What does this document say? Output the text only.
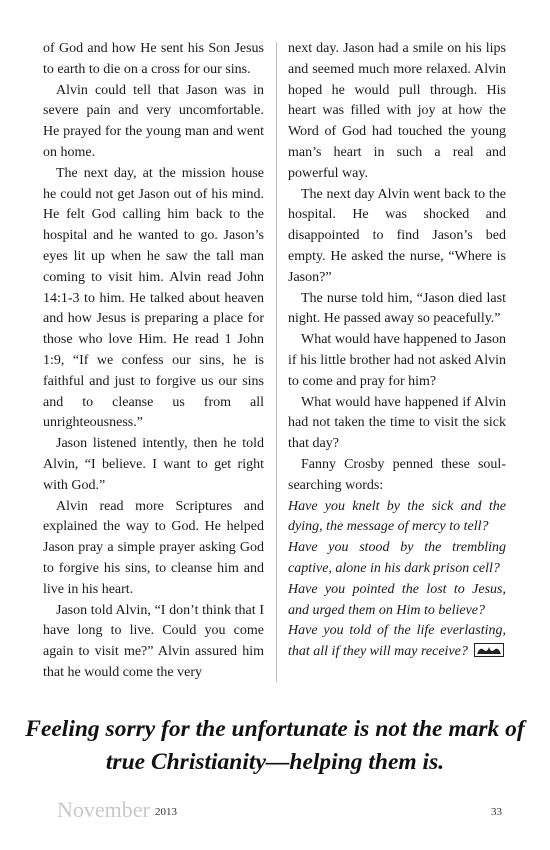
of God and how He sent his Son Jesus to earth to die on a cross for our sins.

Alvin could tell that Jason was in severe pain and very uncomfortable. He prayed for the young man and went on home.

The next day, at the mission house he could not get Jason out of his mind. He felt God calling him back to the hospital and he wanted to go. Jason’s eyes lit up when he saw the tall man coming to visit him. Alvin read John 14:1-3 to him. He talked about heaven and how Jesus is preparing a place for those who love Him. He read 1 John 1:9, “If we confess our sins, he is faithful and just to forgive us our sins and to cleanse us from all unrighteousness.”

Jason listened intently, then he told Alvin, “I believe. I want to get right with God.”

Alvin read more Scriptures and explained the way to God. He helped Jason pray a simple prayer asking God to forgive his sins, to cleanse him and live in his heart.

Jason told Alvin, “I don’t think that I have long to live. Could you come again to visit me?” Alvin assured him that he would come the very

next day. Jason had a smile on his lips and seemed much more relaxed. Alvin hoped he would pull through. His heart was filled with joy at how the Word of God had touched the young man’s heart in such a real and powerful way.

The next day Alvin went back to the hospital. He was shocked and disappointed to find Jason’s bed empty. He asked the nurse, “Where is Jason?”

The nurse told him, “Jason died last night. He passed away so peacefully.”

What would have happened to Jason if his little brother had not asked Alvin to come and pray for him?

What would have happened if Alvin had not taken the time to visit the sick that day?

Fanny Crosby penned these soul-searching words:

Have you knelt by the sick and the dying, the message of mercy to tell?

Have you stood by the trembling captive, alone in his dark prison cell?

Have you pointed the lost to Jesus, and urged them on Him to believe?

Have you told of the life everlasting, that all if they will may receive?

Feeling sorry for the unfortunate is not the mark of true Christianity—helping them is.
November 2013	33
